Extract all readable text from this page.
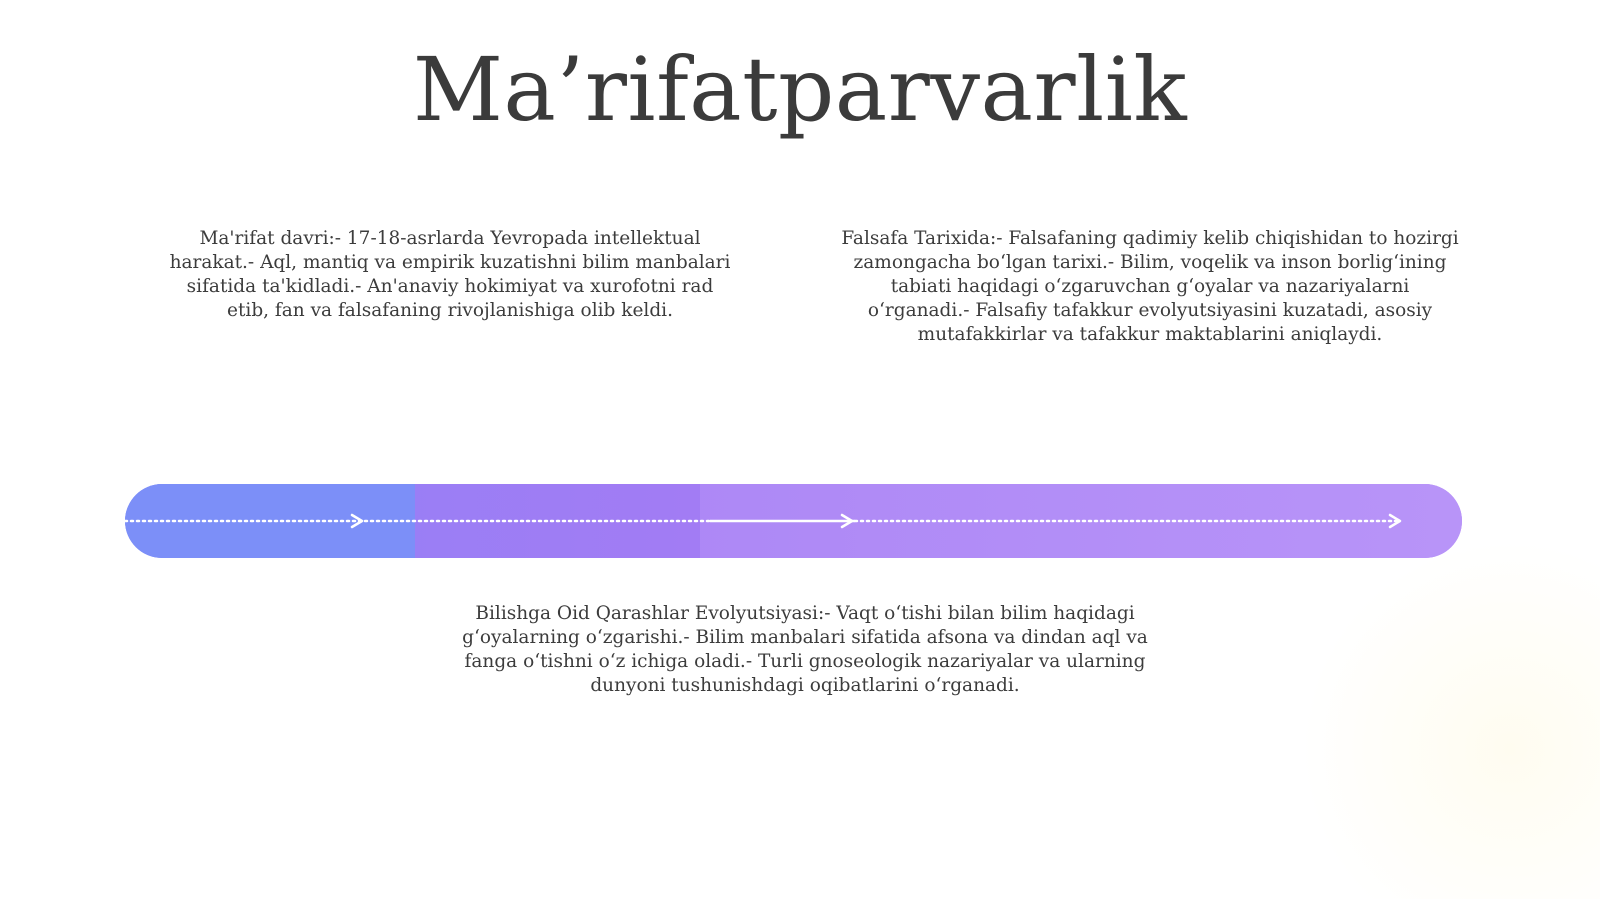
Ma’rifatparvarlik
Ma'rifat davri:- 17-18-asrlarda Yevropada intellektual
harakat.- Aql, mantiq va empirik kuzatishni bilim manbalari
sifatida ta'kidladi.- An'anaviy hokimiyat va xurofotni rad
etib, fan va falsafaning rivojlanishiga olib keldi.
Falsafa Tarixida:- Falsafaning qadimiy kelib chiqishidan to hozirgi
zamongacha bo‘lgan tarixi.- Bilim, voqelik va inson borlig‘ining
tabiati haqidagi o‘zgaruvchan g‘oyalar va nazariyalarni
o‘rganadi.- Falsafiy tafakkur evolyutsiyasini kuzatadi, asosiy
mutafakkirlar va tafakkur maktablarini aniqlaydi.
Bilishga Oid Qarashlar Evolyutsiyasi:- Vaqt o‘tishi bilan bilim haqidagi
g‘oyalarning o‘zgarishi.- Bilim manbalari sifatida afsona va dindan aql va
fanga o‘tishni o‘z ichiga oladi.- Turli gnoseologik nazariyalar va ularning
dunyoni tushunishdagi oqibatlarini o‘rganadi.
